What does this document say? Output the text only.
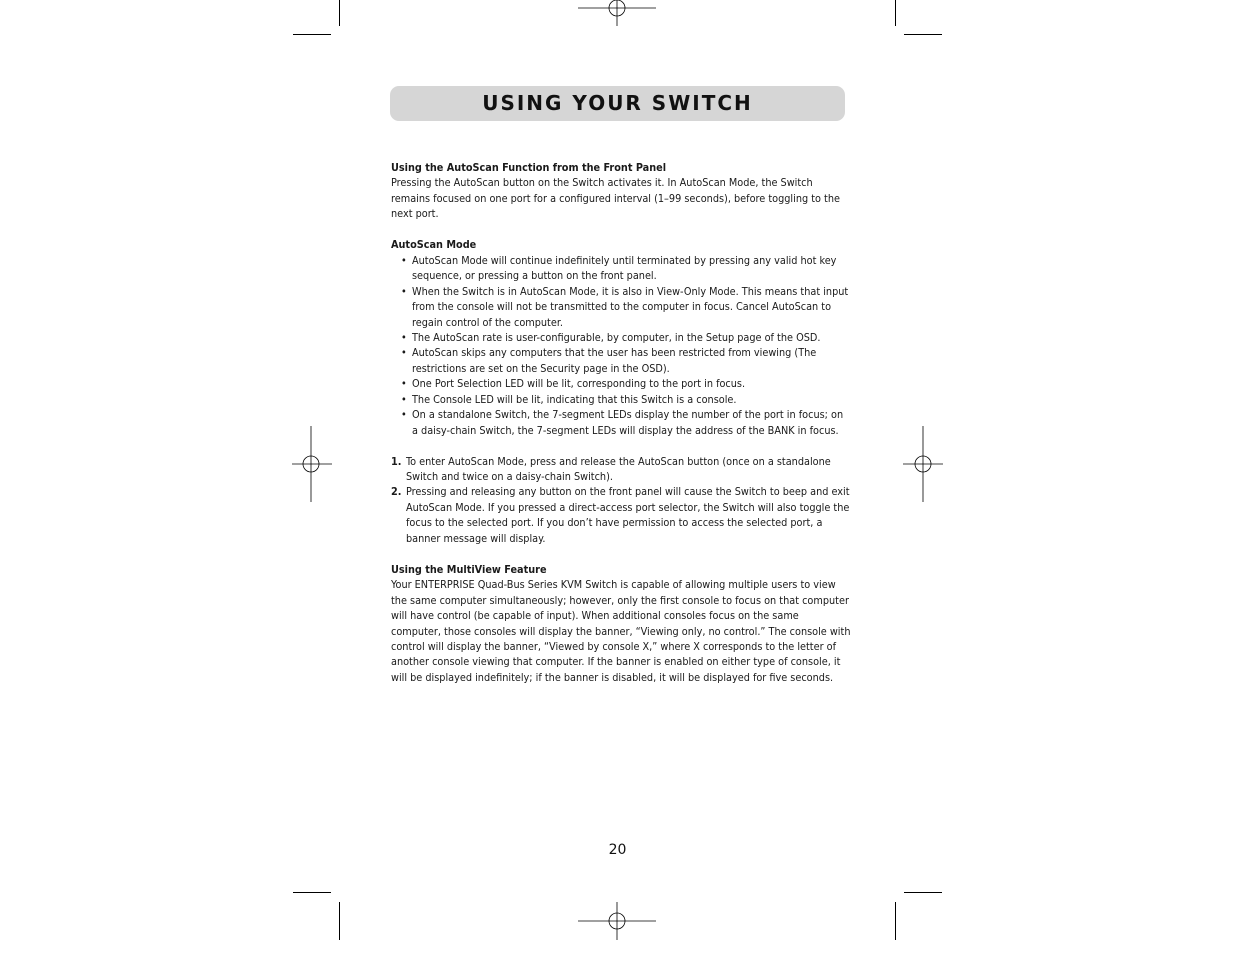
USING YOUR SWITCH

Using the AutoScan Function from the Front Panel

Pressing the AutoScan button on the Switch activates it. In AutoScan Mode, the Switch remains focused on one port for a configured interval (1–99 seconds), before toggling to the next port.

AutoScan Mode

• AutoScan Mode will continue indefinitely until terminated by pressing any valid hot key sequence, or pressing a button on the front panel.
• When the Switch is in AutoScan Mode, it is also in View-Only Mode. This means that input from the console will not be transmitted to the computer in focus. Cancel AutoScan to regain control of the computer.
• The AutoScan rate is user-configurable, by computer, in the Setup page of the OSD.
• AutoScan skips any computers that the user has been restricted from viewing (The restrictions are set on the Security page in the OSD).
• One Port Selection LED will be lit, corresponding to the port in focus.
• The Console LED will be lit, indicating that this Switch is a console.
• On a standalone Switch, the 7-segment LEDs display the number of the port in focus; on a daisy-chain Switch, the 7-segment LEDs will display the address of the BANK in focus.
1. To enter AutoScan Mode, press and release the AutoScan button (once on a standalone Switch and twice on a daisy-chain Switch).
2. Pressing and releasing any button on the front panel will cause the Switch to beep and exit AutoScan Mode. If you pressed a direct-access port selector, the Switch will also toggle the focus to the selected port. If you don’t have permission to access the selected port, a banner message will display.

Using the MultiView Feature

Your ENTERPRISE Quad-Bus Series KVM Switch is capable of allowing multiple users to view the same computer simultaneously; however, only the first console to focus on that computer will have control (be capable of input). When additional consoles focus on the same computer, those consoles will display the banner, “Viewing only, no control.” The console with control will display the banner, “Viewed by console X,” where X corresponds to the letter of another console viewing that computer. If the banner is enabled on either type of console, it will be displayed indefinitely; if the banner is disabled, it will be displayed for five seconds.

20
